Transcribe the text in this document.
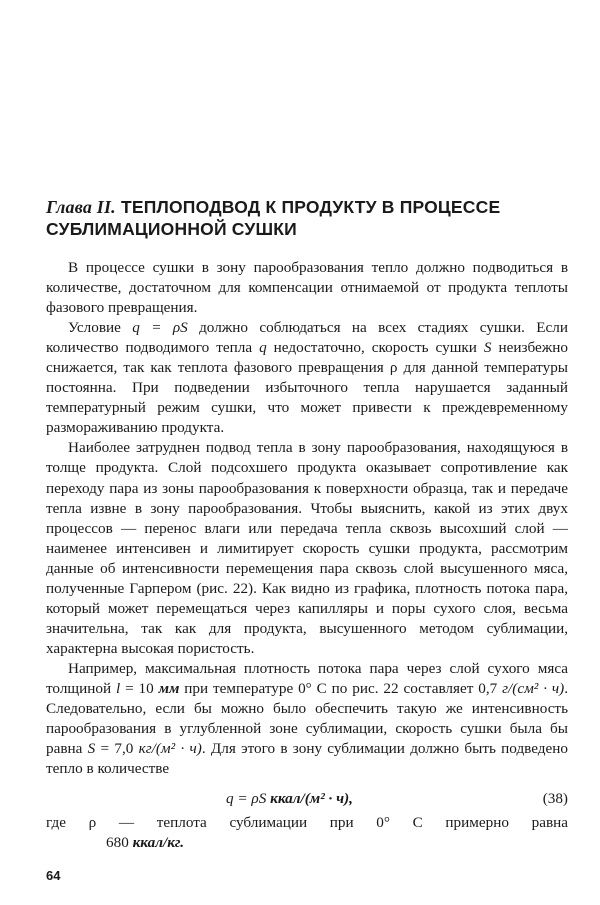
Глава II. ТЕПЛОПОДВОД К ПРОДУКТУ В ПРОЦЕССЕ СУБЛИМАЦИОННОЙ СУШКИ

В процессе сушки в зону парообразования тепло должно подводиться в количестве, достаточном для компенсации отнимаемой от продукта теплоты фазового превращения.

Условие q = ρS должно соблюдаться на всех стадиях сушки. Если количество подводимого тепла q недостаточно, скорость сушки S неизбежно снижается, так как теплота фазового превращения ρ для данной температуры постоянна. При подведении избыточного тепла нарушается заданный температурный режим сушки, что может привести к преждевременному размораживанию продукта.

Наиболее затруднен подвод тепла в зону парообразования, находящуюся в толще продукта. Слой подсохшего продукта оказывает сопротивление как переходу пара из зоны парообразования к поверхности образца, так и передаче тепла извне в зону парообразования. Чтобы выяснить, какой из этих двух процессов — перенос влаги или передача тепла сквозь высохший слой — наименее интенсивен и лимитирует скорость сушки продукта, рассмотрим данные об интенсивности перемещения пара сквозь слой высушенного мяса, полученные Гарпером (рис. 22). Как видно из графика, плотность потока пара, который может перемещаться через капилляры и поры сухого слоя, весьма значительна, так как для продукта, высушенного методом сублимации, характерна высокая пористость.

Например, максимальная плотность потока пара через слой сухого мяса толщиной l = 10 мм при температуре 0° C по рис. 22 составляет 0,7 г/(см² · ч). Следовательно, если бы можно было обеспечить такую же интенсивность парообразования в углубленной зоне сублимации, скорость сушки была бы равна S = 7,0 кг/(м² · ч). Для этого в зону сублимации должно быть подведено тепло в количестве

q = ρS ккал/(м² · ч),	(38)

где ρ — теплота сублимации при 0° C примерно равна

680 ккал/кг.

64
